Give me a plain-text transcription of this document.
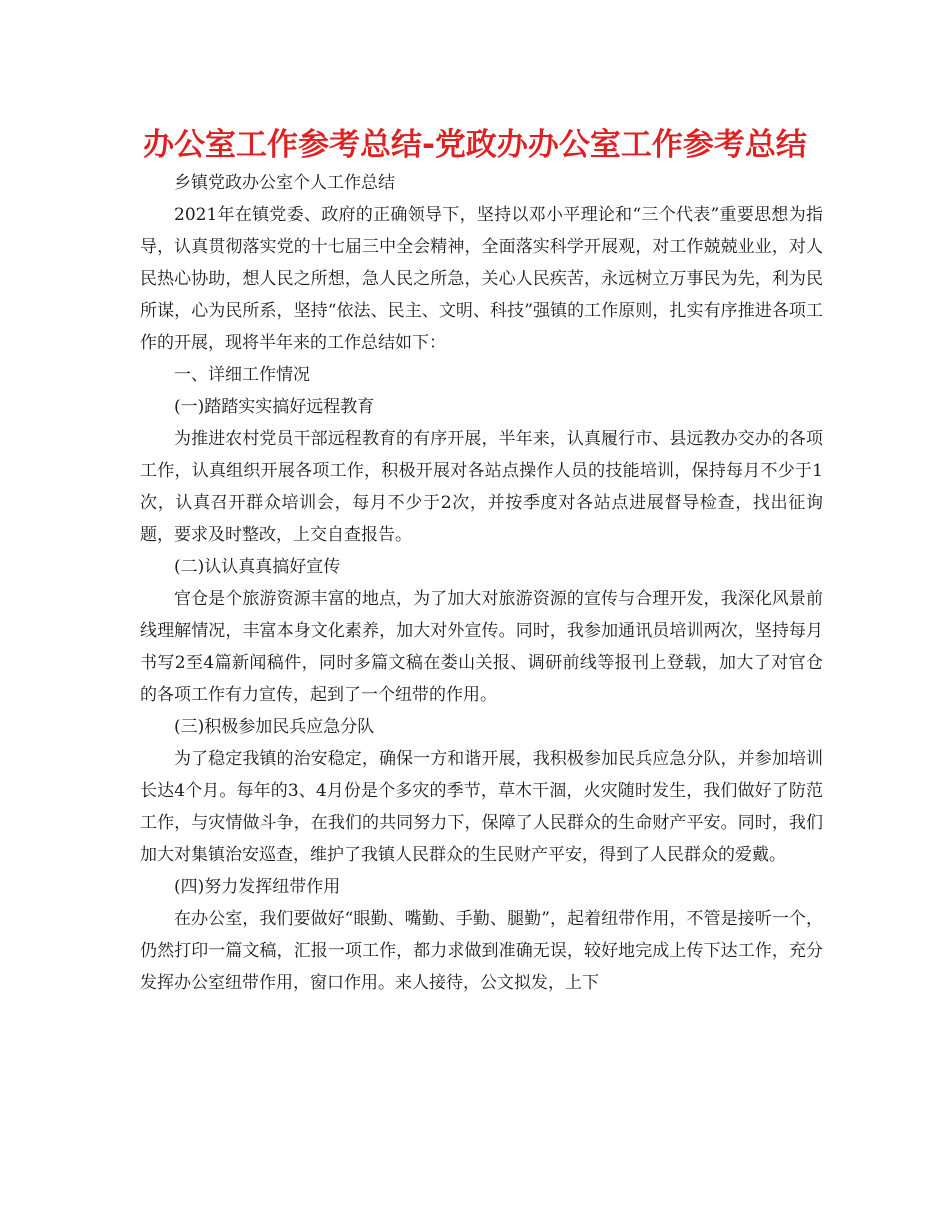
办公室工作参考总结-党政办办公室工作参考总结

乡镇党政办公室个人工作总结

2021年在镇党委、政府的正确领导下，坚持以邓小平理论和“三个代表”重要思想为指导，认真贯彻落实党的十七届三中全会精神，全面落实科学开展观，对工作兢兢业业，对人民热心协助，想人民之所想，急人民之所急，关心人民疾苦，永远树立万事民为先，利为民所谋，心为民所系，坚持“依法、民主、文明、科技”强镇的工作原则，扎实有序推进各项工作的开展，现将半年来的工作总结如下：

一、详细工作情况

(一)踏踏实实搞好远程教育

为推进农村党员干部远程教育的有序开展，半年来，认真履行市、县远教办交办的各项工作，认真组织开展各项工作，积极开展对各站点操作人员的技能培训，保持每月不少于1次，认真召开群众培训会，每月不少于2次，并按季度对各站点进展督导检查，找出征询题，要求及时整改，上交自查报告。

(二)认认真真搞好宣传

官仓是个旅游资源丰富的地点，为了加大对旅游资源的宣传与合理开发，我深化风景前线理解情况，丰富本身文化素养，加大对外宣传。同时，我参加通讯员培训两次，坚持每月书写2至4篇新闻稿件，同时多篇文稿在娄山关报、调研前线等报刊上登载，加大了对官仓的各项工作有力宣传，起到了一个纽带的作用。

(三)积极参加民兵应急分队

为了稳定我镇的治安稳定，确保一方和谐开展，我积极参加民兵应急分队，并参加培训长达4个月。每年的3、4月份是个多灾的季节，草木干涸，火灾随时发生，我们做好了防范工作，与灾情做斗争，在我们的共同努力下，保障了人民群众的生命财产平安。同时，我们加大对集镇治安巡查，维护了我镇人民群众的生民财产平安，得到了人民群众的爱戴。

(四)努力发挥纽带作用

在办公室，我们要做好“眼勤、嘴勤、手勤、腿勤”，起着纽带作用，不管是接听一个，仍然打印一篇文稿，汇报一项工作，都力求做到准确无误，较好地完成上传下达工作，充分发挥办公室纽带作用，窗口作用。来人接待，公文拟发，上下
